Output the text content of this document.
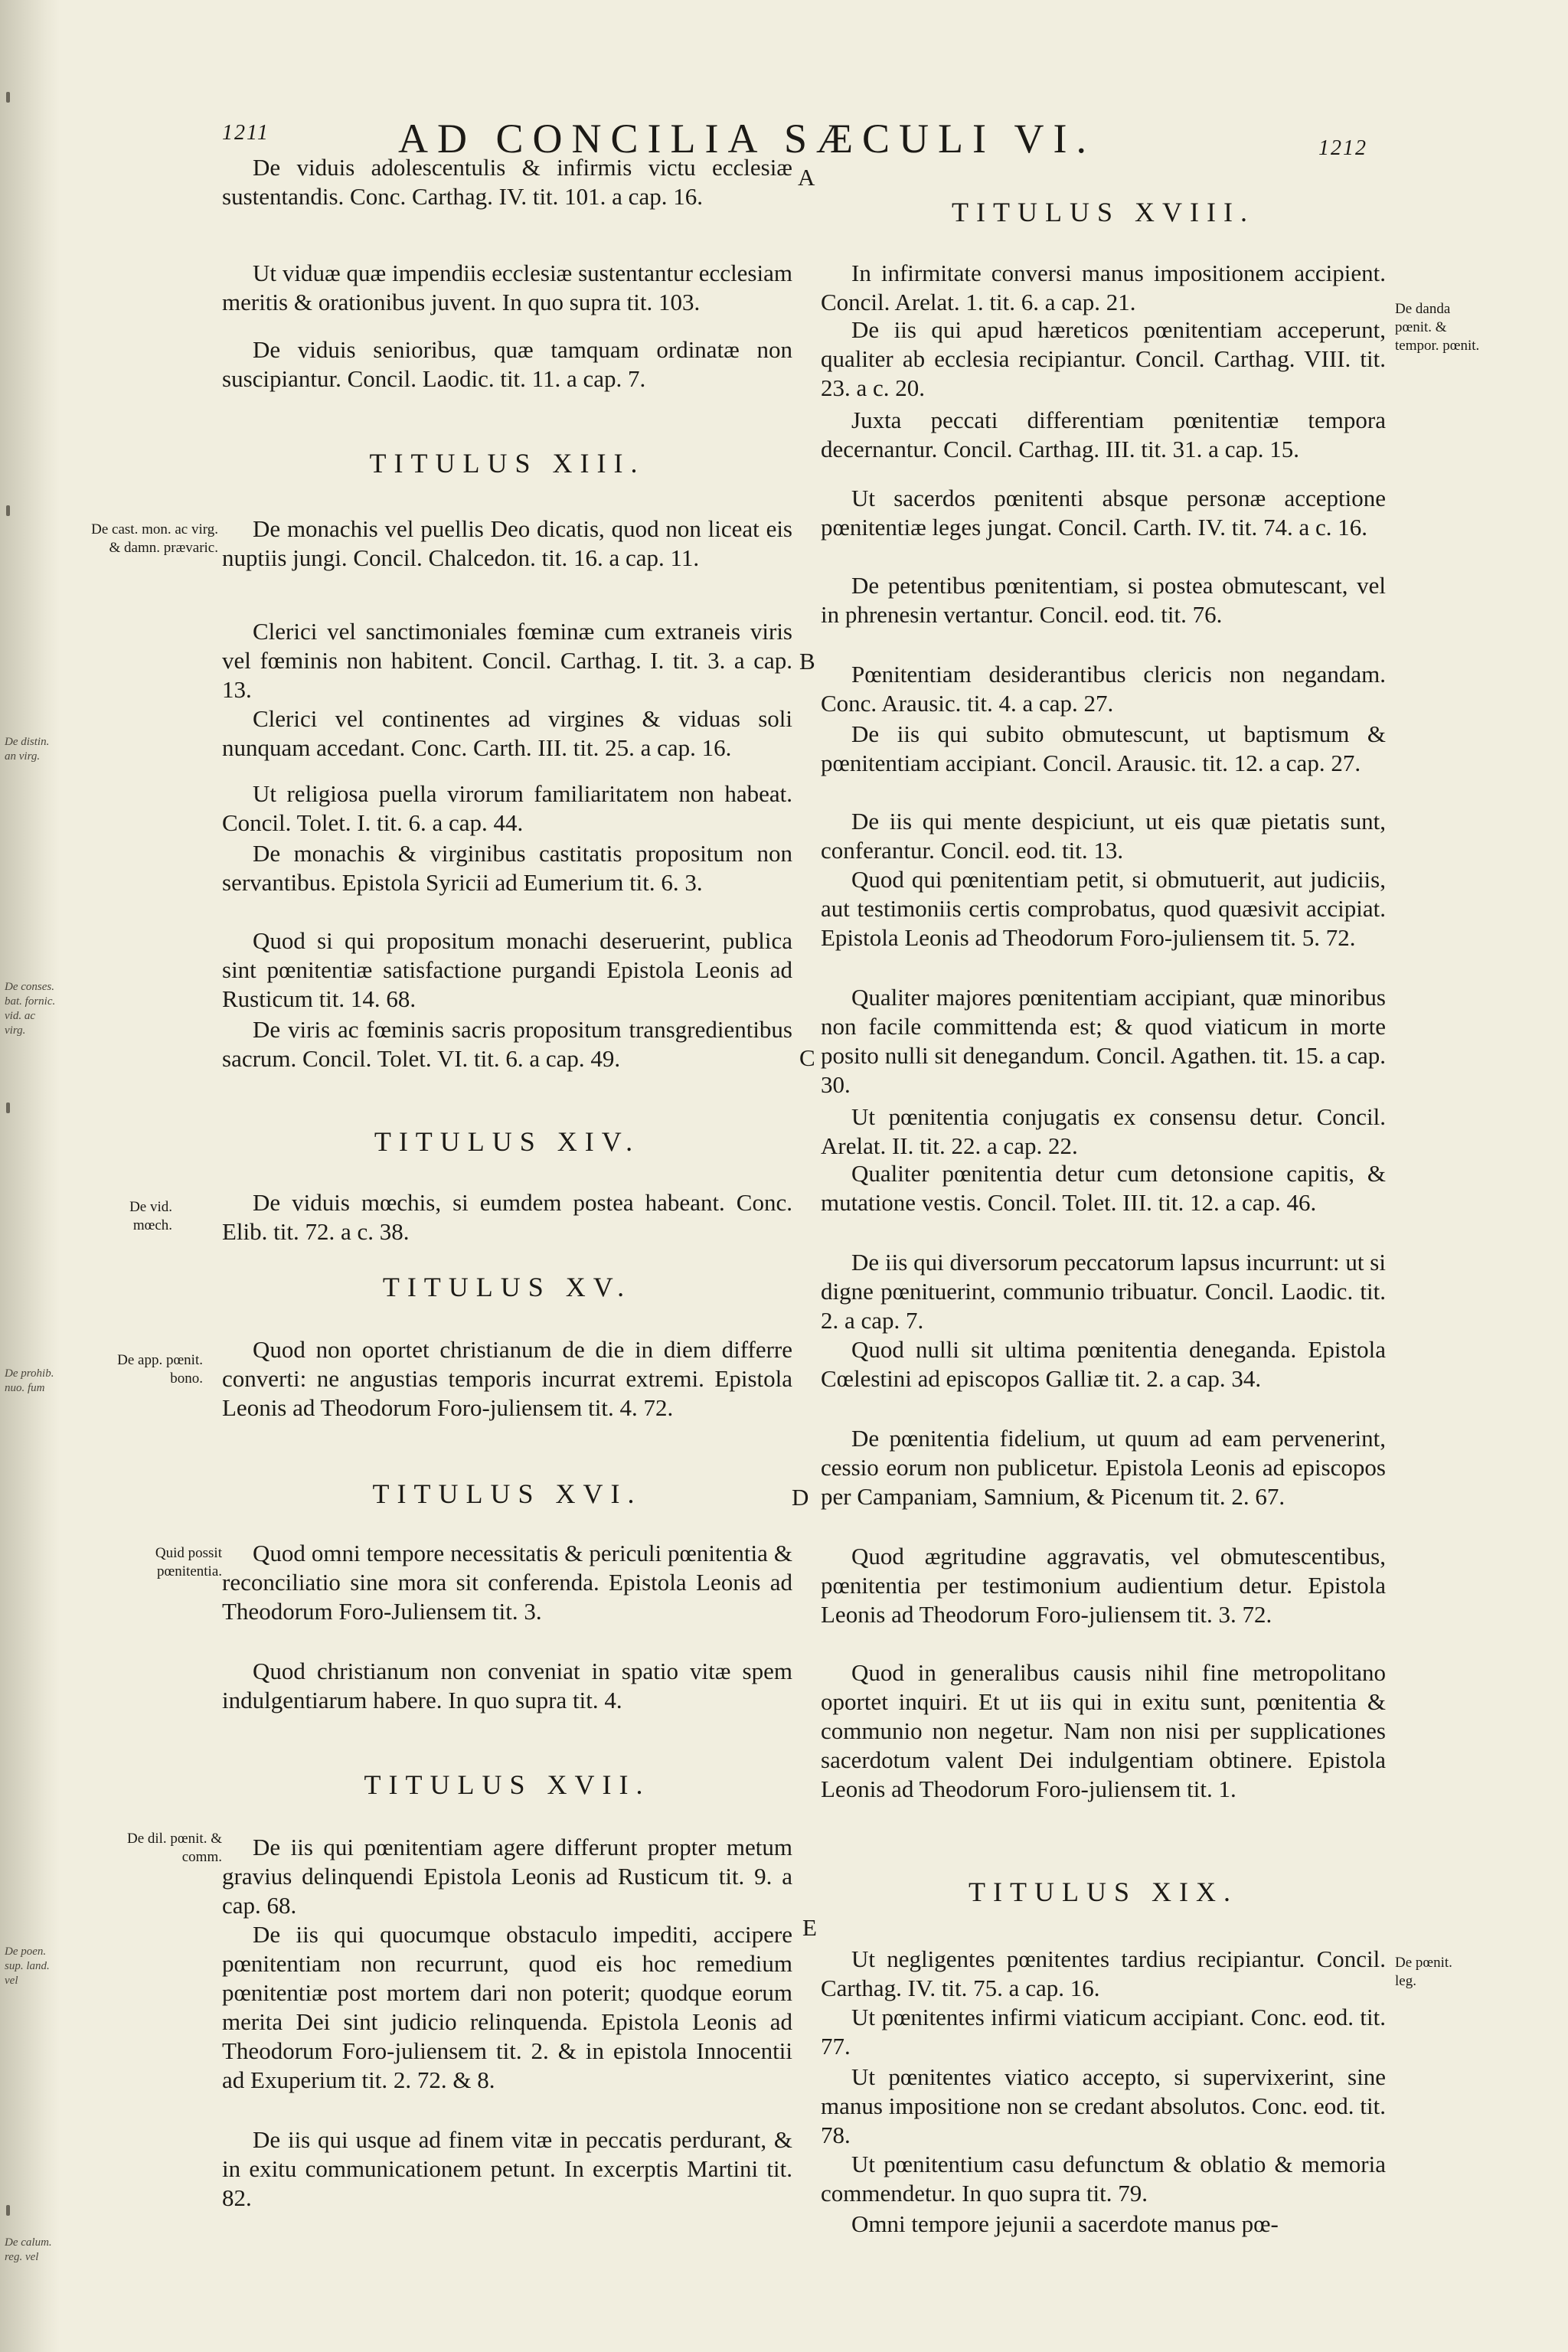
De distin. an virg.
De conses. bat. fornic. vid. ac virg.
De prohib. nuo. fum
De poen. sup. land. vel
De calum. reg. vel
1211	AD CONCILIA SÆCULI VI.	1212
A
B
C
D
E
De cast. mon. ac virg. & damn. prævaric.
De vid. mœch.
De app. pœnit. bono.
Quid possit pœnitentia.
De dil. pœnit. & comm.
De danda pœnit. & tempor. pœnit.
De pœnit. leg.

De viduis adolescentulis & infirmis victu ecclesiæ sustentandis. Conc. Carthag. IV. tit. 101. a cap. 16.

Ut viduæ quæ impendiis ecclesiæ sustentantur ecclesiam meritis & orationibus juvent. In quo supra tit. 103.

De viduis senioribus, quæ tamquam ordinatæ non suscipiantur. Concil. Laodic. tit. 11. a cap. 7.

TITULUS XIII.

De monachis vel puellis Deo dicatis, quod non liceat eis nuptiis jungi. Concil. Chalcedon. tit. 16. a cap. 11.

Clerici vel sanctimoniales fœminæ cum extraneis viris vel fœminis non habitent. Concil. Carthag. I. tit. 3. a cap. 13.

Clerici vel continentes ad virgines & viduas soli nunquam accedant. Conc. Carth. III. tit. 25. a cap. 16.

Ut religiosa puella virorum familiaritatem non habeat. Concil. Tolet. I. tit. 6. a cap. 44.

De monachis & virginibus castitatis propositum non servantibus. Epistola Syricii ad Eumerium tit. 6. 3.

Quod si qui propositum monachi deseruerint, publica sint pœnitentiæ satisfactione purgandi Epistola Leonis ad Rusticum tit. 14. 68.

De viris ac fœminis sacris propositum transgredientibus sacrum. Concil. Tolet. VI. tit. 6. a cap. 49.

TITULUS XIV.

De viduis mœchis, si eumdem postea habeant. Conc. Elib. tit. 72. a c. 38.

TITULUS XV.

Quod non oportet christianum de die in diem differre converti: ne angustias temporis incurrat extremi. Epistola Leonis ad Theodorum Foro-juliensem tit. 4. 72.

TITULUS XVI.

Quod omni tempore necessitatis & periculi pœnitentia & reconciliatio sine mora sit conferenda. Epistola Leonis ad Theodorum Foro-Juliensem tit. 3.

Quod christianum non conveniat in spatio vitæ spem indulgentiarum habere. In quo supra tit. 4.

TITULUS XVII.

De iis qui pœnitentiam agere differunt propter metum gravius delinquendi Epistola Leonis ad Rusticum tit. 9. a cap. 68.

De iis qui quocumque obstaculo impediti, accipere pœnitentiam non recurrunt, quod eis hoc remedium pœnitentiæ post mortem dari non poterit; quodque eorum merita Dei sint judicio relinquenda. Epistola Leonis ad Theodorum Foro-juliensem tit. 2. & in epistola Innocentii ad Exuperium tit. 2. 72. & 8.

De iis qui usque ad finem vitæ in peccatis perdurant, & in exitu communicationem petunt. In excerptis Martini tit. 82.

TITULUS XVIII.

In infirmitate conversi manus impositionem accipient. Concil. Arelat. 1. tit. 6. a cap. 21.

De iis qui apud hæreticos pœnitentiam acceperunt, qualiter ab ecclesia recipiantur. Concil. Carthag. VIII. tit. 23. a c. 20.

Juxta peccati differentiam pœnitentiæ tempora decernantur. Concil. Carthag. III. tit. 31. a cap. 15.

Ut sacerdos pœnitenti absque personæ acceptione pœnitentiæ leges jungat. Concil. Carth. IV. tit. 74. a c. 16.

De petentibus pœnitentiam, si postea obmutescant, vel in phrenesin vertantur. Concil. eod. tit. 76.

Pœnitentiam desiderantibus clericis non negandam. Conc. Arausic. tit. 4. a cap. 27.

De iis qui subito obmutescunt, ut baptismum & pœnitentiam accipiant. Concil. Arausic. tit. 12. a cap. 27.

De iis qui mente despiciunt, ut eis quæ pietatis sunt, conferantur. Concil. eod. tit. 13.

Quod qui pœnitentiam petit, si obmutuerit, aut judiciis, aut testimoniis certis comprobatus, quod quæsivit accipiat. Epistola Leonis ad Theodorum Foro-juliensem tit. 5. 72.

Qualiter majores pœnitentiam accipiant, quæ minoribus non facile committenda est; & quod viaticum in morte posito nulli sit denegandum. Concil. Agathen. tit. 15. a cap. 30.

Ut pœnitentia conjugatis ex consensu detur. Concil. Arelat. II. tit. 22. a cap. 22.

Qualiter pœnitentia detur cum detonsione capitis, & mutatione vestis. Concil. Tolet. III. tit. 12. a cap. 46.

De iis qui diversorum peccatorum lapsus incurrunt: ut si digne pœnituerint, communio tribuatur. Concil. Laodic. tit. 2. a cap. 7.

Quod nulli sit ultima pœnitentia deneganda. Epistola Cœlestini ad episcopos Galliæ tit. 2. a cap. 34.

De pœnitentia fidelium, ut quum ad eam pervenerint, cessio eorum non publicetur. Epistola Leonis ad episcopos per Campaniam, Samnium, & Picenum tit. 2. 67.

Quod ægritudine aggravatis, vel obmutescentibus, pœnitentia per testimonium audientium detur. Epistola Leonis ad Theodorum Foro-juliensem tit. 3. 72.

Quod in generalibus causis nihil fine metropolitano oportet inquiri. Et ut iis qui in exitu sunt, pœnitentia & communio non negetur. Nam non nisi per supplicationes sacerdotum valent Dei indulgentiam obtinere. Epistola Leonis ad Theodorum Foro-juliensem tit. 1.

TITULUS XIX.

Ut negligentes pœnitentes tardius recipiantur. Concil. Carthag. IV. tit. 75. a cap. 16.

Ut pœnitentes infirmi viaticum accipiant. Conc. eod. tit. 77.

Ut pœnitentes viatico accepto, si supervixerint, sine manus impositione non se credant absolutos. Conc. eod. tit. 78.

Ut pœnitentium casu defunctum & oblatio & memoria commendetur. In quo supra tit. 79.

Omni tempore jejunii a sacerdote manus pœ-
